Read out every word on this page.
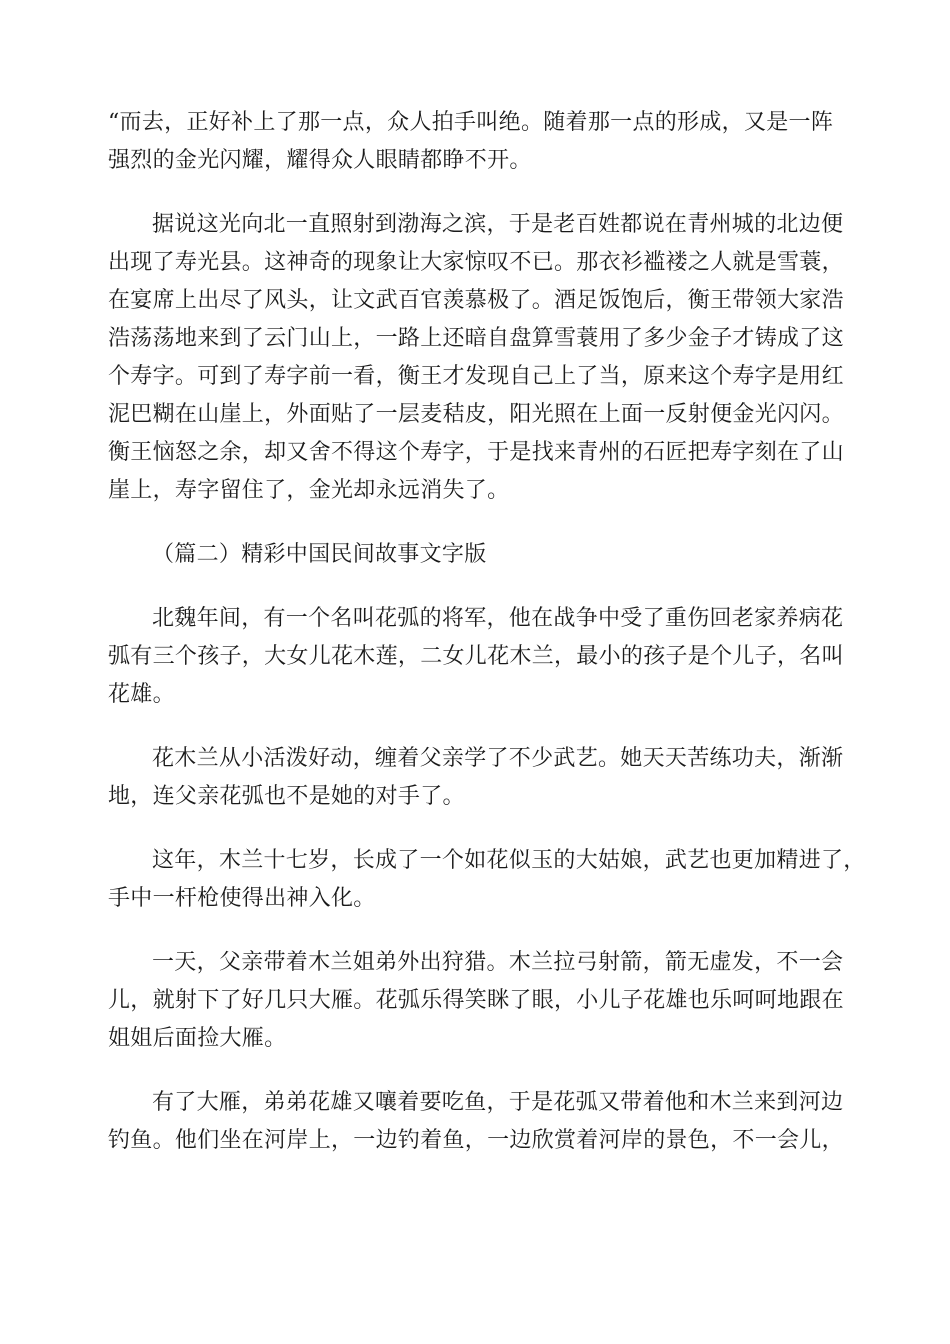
“而去，正好补上了那一点，众人拍手叫绝。随着那一点的形成，又是一阵
强烈的金光闪耀，耀得众人眼睛都睁不开。

据说这光向北一直照射到渤海之滨，于是老百姓都说在青州城的北边便
出现了寿光县。这神奇的现象让大家惊叹不已。那衣衫褴褛之人就是雪蓑，
在宴席上出尽了风头，让文武百官羡慕极了。酒足饭饱后，衡王带领大家浩
浩荡荡地来到了云门山上，一路上还暗自盘算雪蓑用了多少金子才铸成了这
个寿字。可到了寿字前一看，衡王才发现自己上了当，原来这个寿字是用红
泥巴糊在山崖上，外面贴了一层麦秸皮，阳光照在上面一反射便金光闪闪。
衡王恼怒之余，却又舍不得这个寿字，于是找来青州的石匠把寿字刻在了山
崖上，寿字留住了，金光却永远消失了。

（篇二）精彩中国民间故事文字版

北魏年间，有一个名叫花弧的将军，他在战争中受了重伤回老家养病花
弧有三个孩子，大女儿花木莲，二女儿花木兰，最小的孩子是个儿子，名叫
花雄。

花木兰从小活泼好动，缠着父亲学了不少武艺。她天天苦练功夫，渐渐
地，连父亲花弧也不是她的对手了。

这年，木兰十七岁，长成了一个如花似玉的大姑娘，武艺也更加精进了，
手中一杆枪使得出神入化。

一天，父亲带着木兰姐弟外出狩猎。木兰拉弓射箭，箭无虚发，不一会
儿，就射下了好几只大雁。花弧乐得笑眯了眼，小儿子花雄也乐呵呵地跟在
姐姐后面捡大雁。

有了大雁，弟弟花雄又嚷着要吃鱼，于是花弧又带着他和木兰来到河边
钓鱼。他们坐在河岸上，一边钓着鱼，一边欣赏着河岸的景色，不一会儿，
